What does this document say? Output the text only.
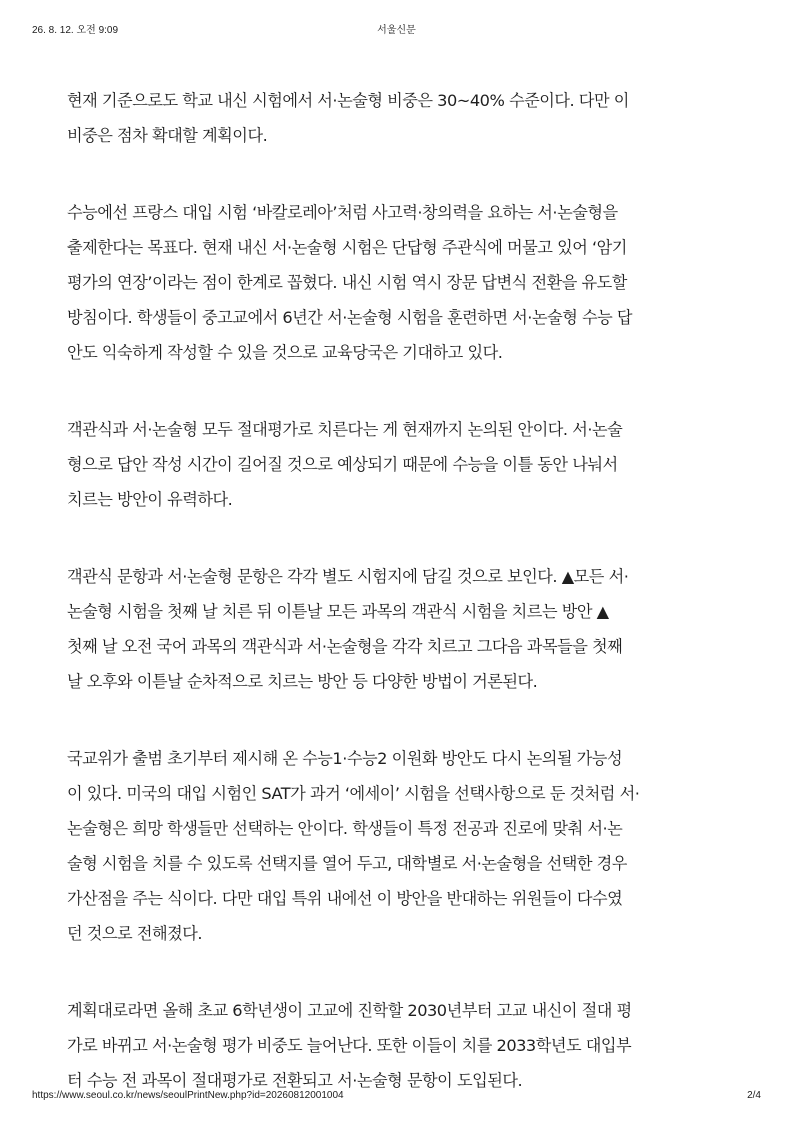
26. 8. 12. 오전 9:09	서울신문

현재 기준으로도 학교 내신 시험에서 서·논술형 비중은 30~40% 수준이다. 다만 이
비중은 점차 확대할 계획이다.

수능에선 프랑스 대입 시험 ‘바칼로레아’처럼 사고력·창의력을 요하는 서·논술형을
출제한다는 목표다. 현재 내신 서·논술형 시험은 단답형 주관식에 머물고 있어 ‘암기
평가의 연장’이라는 점이 한계로 꼽혔다. 내신 시험 역시 장문 답변식 전환을 유도할
방침이다. 학생들이 중고교에서 6년간 서·논술형 시험을 훈련하면 서·논술형 수능 답
안도 익숙하게 작성할 수 있을 것으로 교육당국은 기대하고 있다.

객관식과 서·논술형 모두 절대평가로 치른다는 게 현재까지 논의된 안이다. 서·논술
형으로 답안 작성 시간이 길어질 것으로 예상되기 때문에 수능을 이틀 동안 나눠서
치르는 방안이 유력하다.

객관식 문항과 서·논술형 문항은 각각 별도 시험지에 담길 것으로 보인다. ▲모든 서·
논술형 시험을 첫째 날 치른 뒤 이튿날 모든 과목의 객관식 시험을 치르는 방안 ▲
첫째 날 오전 국어 과목의 객관식과 서·논술형을 각각 치르고 그다음 과목들을 첫째
날 오후와 이튿날 순차적으로 치르는 방안 등 다양한 방법이 거론된다.

국교위가 출범 초기부터 제시해 온 수능1·수능2 이원화 방안도 다시 논의될 가능성
이 있다. 미국의 대입 시험인 SAT가 과거 ‘에세이’ 시험을 선택사항으로 둔 것처럼 서·
논술형은 희망 학생들만 선택하는 안이다. 학생들이 특정 전공과 진로에 맞춰 서·논
술형 시험을 치를 수 있도록 선택지를 열어 두고, 대학별로 서·논술형을 선택한 경우
가산점을 주는 식이다. 다만 대입 특위 내에선 이 방안을 반대하는 위원들이 다수였
던 것으로 전해졌다.

계획대로라면 올해 초교 6학년생이 고교에 진학할 2030년부터 고교 내신이 절대 평
가로 바뀌고 서·논술형 평가 비중도 늘어난다. 또한 이들이 치를 2033학년도 대입부
터 수능 전 과목이 절대평가로 전환되고 서·논술형 문항이 도입된다.

https://www.seoul.co.kr/news/seoulPrintNew.php?id=20260812001004	2/4
